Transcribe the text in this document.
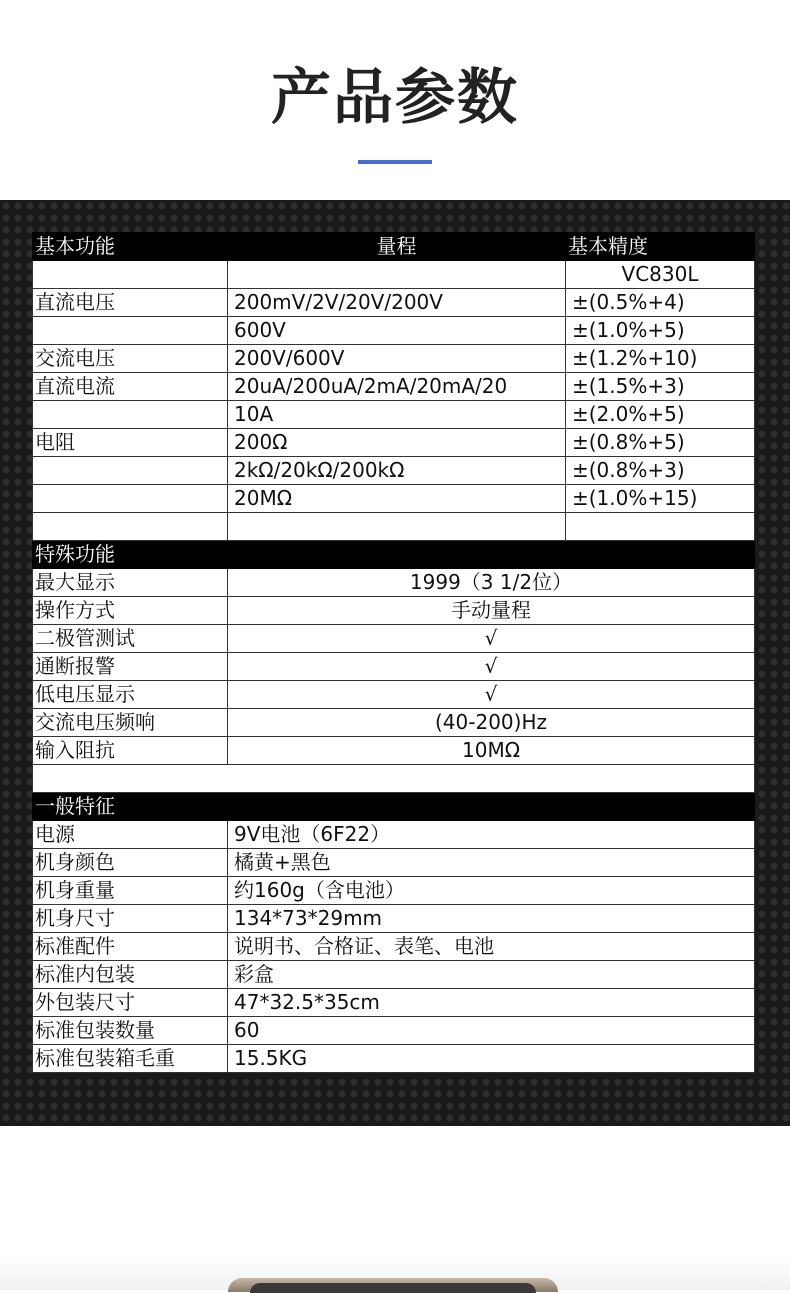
产品参数
基本功能	量程	基本精度
		VC830L
直流电压	200mV/2V/20V/200V	±(0.5%+4)
	600V	±(1.0%+5)
交流电压	200V/600V	±(1.2%+10)
直流电流	20uA/200uA/2mA/20mA/20	±(1.5%+3)
	10A	±(2.0%+5)
电阻	200Ω	±(0.8%+5)
	2kΩ/20kΩ/200kΩ	±(0.8%+3)
	20MΩ	±(1.0%+15)

特殊功能		
最大显示	1999（3 1/2位）	
操作方式	手动量程	
二极管测试	√	
通断报警	√	
低电压显示	√	
交流电压频响	(40-200)Hz	
输入阻抗	10MΩ	

一般特征		
电源	9V电池（6F22）	
机身颜色	橘黄+黑色	
机身重量	约160g（含电池）	
机身尺寸	134*73*29mm	
标准配件	说明书、合格证、表笔、电池	
标准内包装	彩盒	
外包装尺寸	47*32.5*35cm	
标准包装数量	60	
标准包装箱毛重	15.5KG	
